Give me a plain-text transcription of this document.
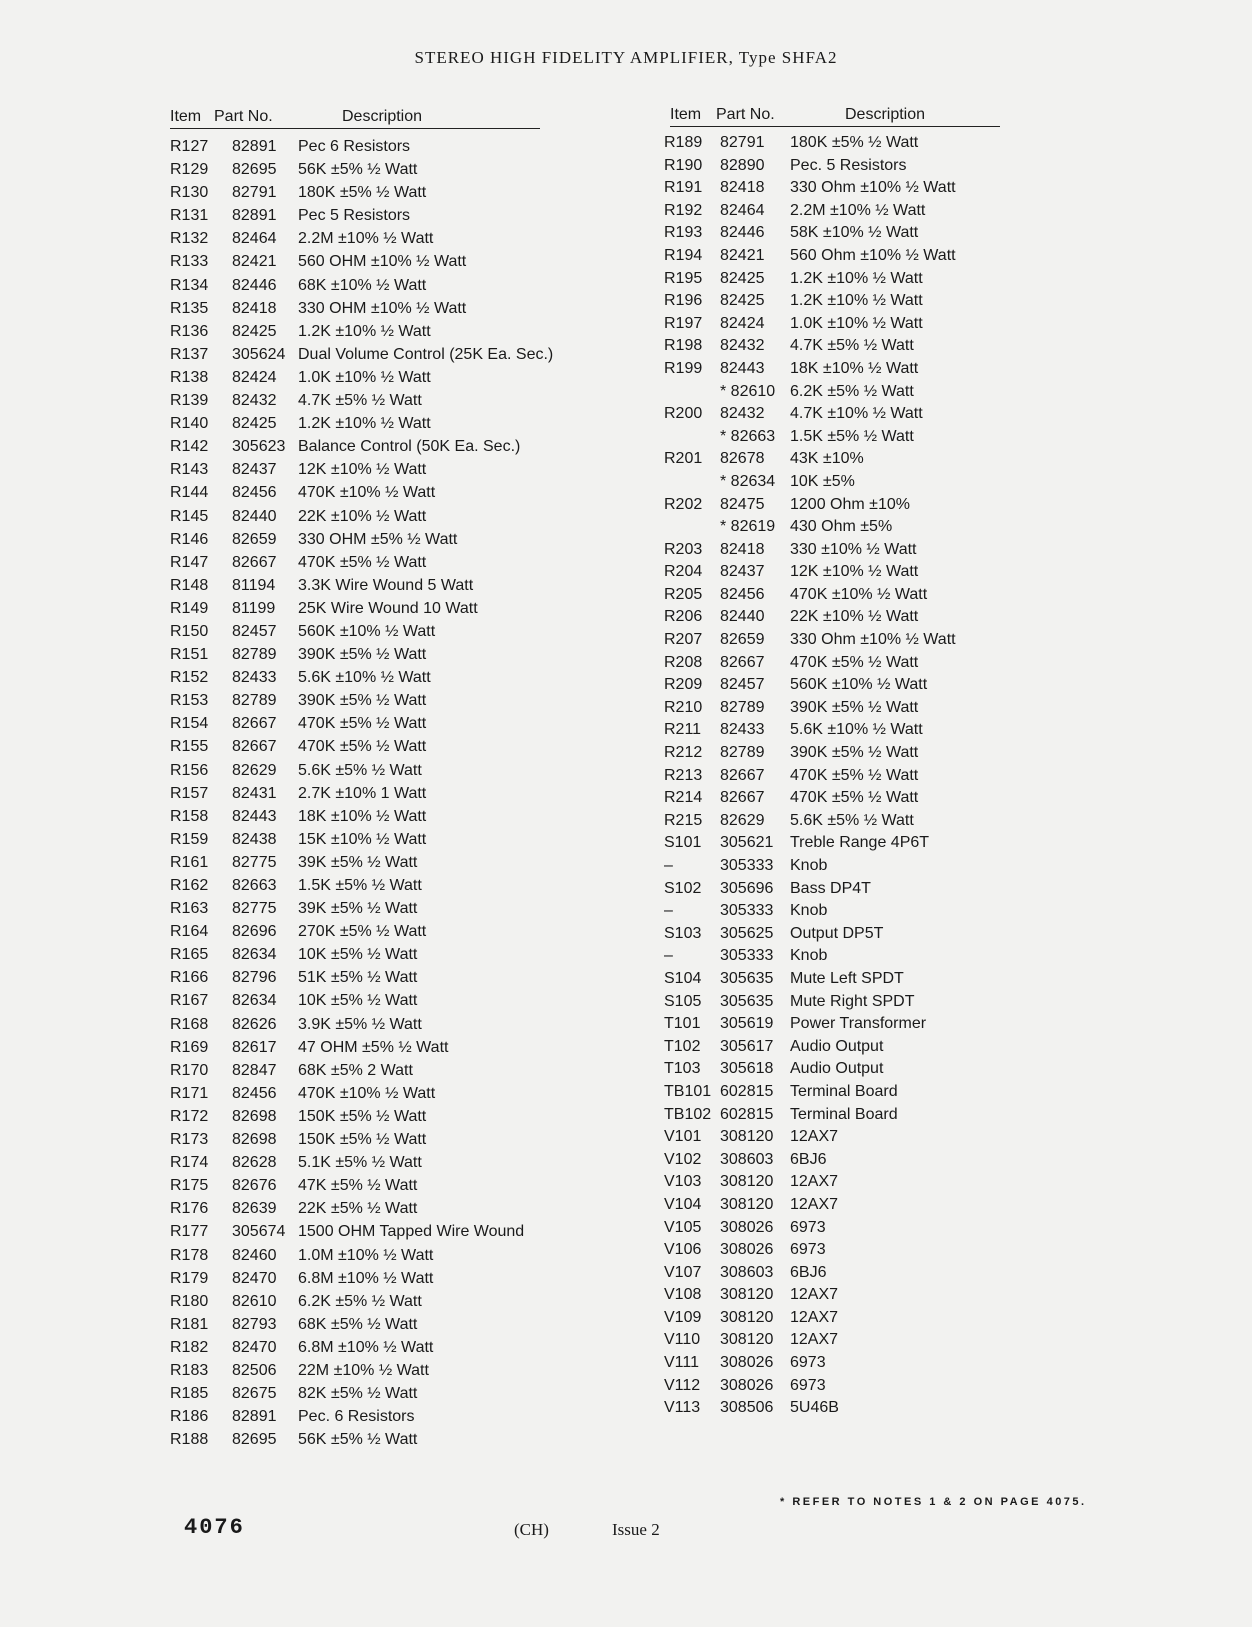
STEREO HIGH FIDELITY AMPLIFIER, Type SHFA2
Item Part No.	Description
R127 82891 Pec 6 Resistors
R129 82695 56K ±5% ½ Watt
R130 82791 180K ±5% ½ Watt
R131 82891 Pec 5 Resistors
R132 82464 2.2M ±10% ½ Watt
R133 82421 560 OHM ±10% ½ Watt
R134 82446 68K ±10% ½ Watt
R135 82418 330 OHM ±10% ½ Watt
R136 82425 1.2K ±10% ½ Watt
R137 305624 Dual Volume Control (25K Ea. Sec.)
R138 82424 1.0K ±10% ½ Watt
R139 82432 4.7K ±5% ½ Watt
R140 82425 1.2K ±10% ½ Watt
R142 305623 Balance Control (50K Ea. Sec.)
R143 82437 12K ±10% ½ Watt
R144 82456 470K ±10% ½ Watt
R145 82440 22K ±10% ½ Watt
R146 82659 330 OHM ±5% ½ Watt
R147 82667 470K ±5% ½ Watt
R148 81194 3.3K Wire Wound 5 Watt
R149 81199 25K Wire Wound 10 Watt
R150 82457 560K ±10% ½ Watt
R151 82789 390K ±5% ½ Watt
R152 82433 5.6K ±10% ½ Watt
R153 82789 390K ±5% ½ Watt
R154 82667 470K ±5% ½ Watt
R155 82667 470K ±5% ½ Watt
R156 82629 5.6K ±5% ½ Watt
R157 82431 2.7K ±10% 1 Watt
R158 82443 18K ±10% ½ Watt
R159 82438 15K ±10% ½ Watt
R161 82775 39K ±5% ½ Watt
R162 82663 1.5K ±5% ½ Watt
R163 82775 39K ±5% ½ Watt
R164 82696 270K ±5% ½ Watt
R165 82634 10K ±5% ½ Watt
R166 82796 51K ±5% ½ Watt
R167 82634 10K ±5% ½ Watt
R168 82626 3.9K ±5% ½ Watt
R169 82617 47 OHM ±5% ½ Watt
R170 82847 68K ±5% 2 Watt
R171 82456 470K ±10% ½ Watt
R172 82698 150K ±5% ½ Watt
R173 82698 150K ±5% ½ Watt
R174 82628 5.1K ±5% ½ Watt
R175 82676 47K ±5% ½ Watt
R176 82639 22K ±5% ½ Watt
R177 305674 1500 OHM Tapped Wire Wound
R178 82460 1.0M ±10% ½ Watt
R179 82470 6.8M ±10% ½ Watt
R180 82610 6.2K ±5% ½ Watt
R181 82793 68K ±5% ½ Watt
R182 82470 6.8M ±10% ½ Watt
R183 82506 22M ±10% ½ Watt
R185 82675 82K ±5% ½ Watt
R186 82891 Pec. 6 Resistors
R188 82695 56K ±5% ½ Watt
Item Part No.	Description
R189 82791 180K ±5% ½ Watt
R190 82890 Pec. 5 Resistors
R191 82418 330 Ohm ±10% ½ Watt
R192 82464 2.2M ±10% ½ Watt
R193 82446 58K ±10% ½ Watt
R194 82421 560 Ohm ±10% ½ Watt
R195 82425 1.2K ±10% ½ Watt
R196 82425 1.2K ±10% ½ Watt
R197 82424 1.0K ±10% ½ Watt
R198 82432 4.7K ±5% ½ Watt
R199 82443 18K ±10% ½ Watt
* 82610 6.2K ±5% ½ Watt
R200 82432 4.7K ±10% ½ Watt
* 82663 1.5K ±5% ½ Watt
R201 82678 43K ±10%
* 82634 10K ±5%
R202 82475 1200 Ohm ±10%
* 82619 430 Ohm ±5%
R203 82418 330 ±10% ½ Watt
R204 82437 12K ±10% ½ Watt
R205 82456 470K ±10% ½ Watt
R206 82440 22K ±10% ½ Watt
R207 82659 330 Ohm ±10% ½ Watt
R208 82667 470K ±5% ½ Watt
R209 82457 560K ±10% ½ Watt
R210 82789 390K ±5% ½ Watt
R211 82433 5.6K ±10% ½ Watt
R212 82789 390K ±5% ½ Watt
R213 82667 470K ±5% ½ Watt
R214 82667 470K ±5% ½ Watt
R215 82629 5.6K ±5% ½ Watt
S101 305621 Treble Range 4P6T
–	305333 Knob
S102 305696 Bass DP4T
–	305333 Knob
S103 305625 Output DP5T
–	305333 Knob
S104 305635 Mute Left SPDT
S105 305635 Mute Right SPDT
T101 305619 Power Transformer
T102 305617 Audio Output
T103 305618 Audio Output
TB101 602815 Terminal Board
TB102 602815 Terminal Board
V101 308120 12AX7
V102 308603 6BJ6
V103 308120 12AX7
V104 308120 12AX7
V105 308026 6973
V106 308026 6973
V107 308603 6BJ6
V108 308120 12AX7
V109 308120 12AX7
V110 308120 12AX7
V111 308026 6973
V112 308026 6973
V113 308506 5U46B
* REFER TO NOTES 1 & 2 ON PAGE 4075.
4076	(CH)	Issue 2
